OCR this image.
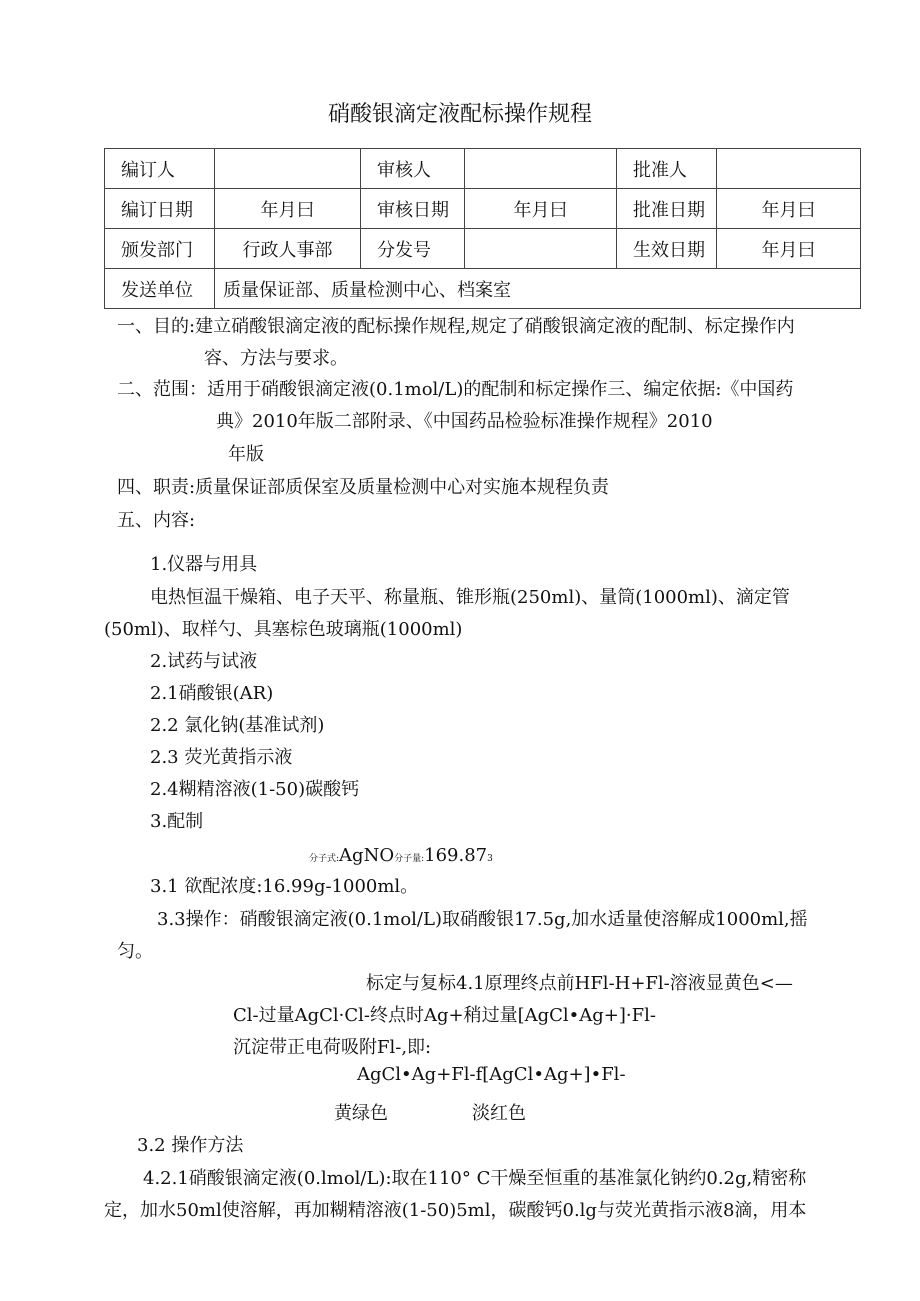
硝酸银滴定液配标操作规程
编订人		审核人		批准人	
编订日期	年月曰	审核日期	年月曰	批准日期	年月曰
颁发部门	行政人事部	分发号		生效日期	年月曰
发送单位	质量保证部、质量检测中心、档案室				
一、目的:建立硝酸银滴定液的配标操作规程,规定了硝酸银滴定液的配制、标定操作内
容、方法与要求。
二、范围：适用于硝酸银滴定液(0.1mol/L)的配制和标定操作三、编定依据:《中国药
典》2010年版二部附录、《中国药品检验标准操作规程》2010
年版
四、职责:质量保证部质保室及质量检测中心对实施本规程负责
五、内容:
1.仪器与用具
电热恒温干燥箱、电子天平、称量瓶、锥形瓶(250ml)、量筒(1000ml)、滴定管
(50ml)、取样勺、具塞棕色玻璃瓶(1000ml)
2.试药与试液
2.1硝酸银(AR)
2.2 氯化钠(基准试剂)
2.3 荧光黄指示液
2.4糊精溶液(1-50)碳酸钙
3.配制
分子式:AgNO分子量:169.873
3.1 欲配浓度:16.99g-1000ml。
3.3操作：硝酸银滴定液(0.1mol/L)取硝酸银17.5g,加水适量使溶解成1000ml,摇
匀。
标定与复标4.1原理终点前HFl-H+Fl-溶液显黄色<—
Cl-过量AgCl·Cl-终点时Ag+稍过量[AgCl•Ag+]·Fl-
沉淀带正电荷吸附Fl-,即:
AgCl•Ag+Fl-f[AgCl•Ag+]•Fl-
黄绿色	淡红色
3.2 操作方法
4.2.1硝酸银滴定液(0.lmol/L):取在110° C干燥至恒重的基准氯化钠约0.2g,精密称
定，加水50ml使溶解，再加糊精溶液(1-50)5ml，碳酸钙0.lg与荧光黄指示液8滴，用本
